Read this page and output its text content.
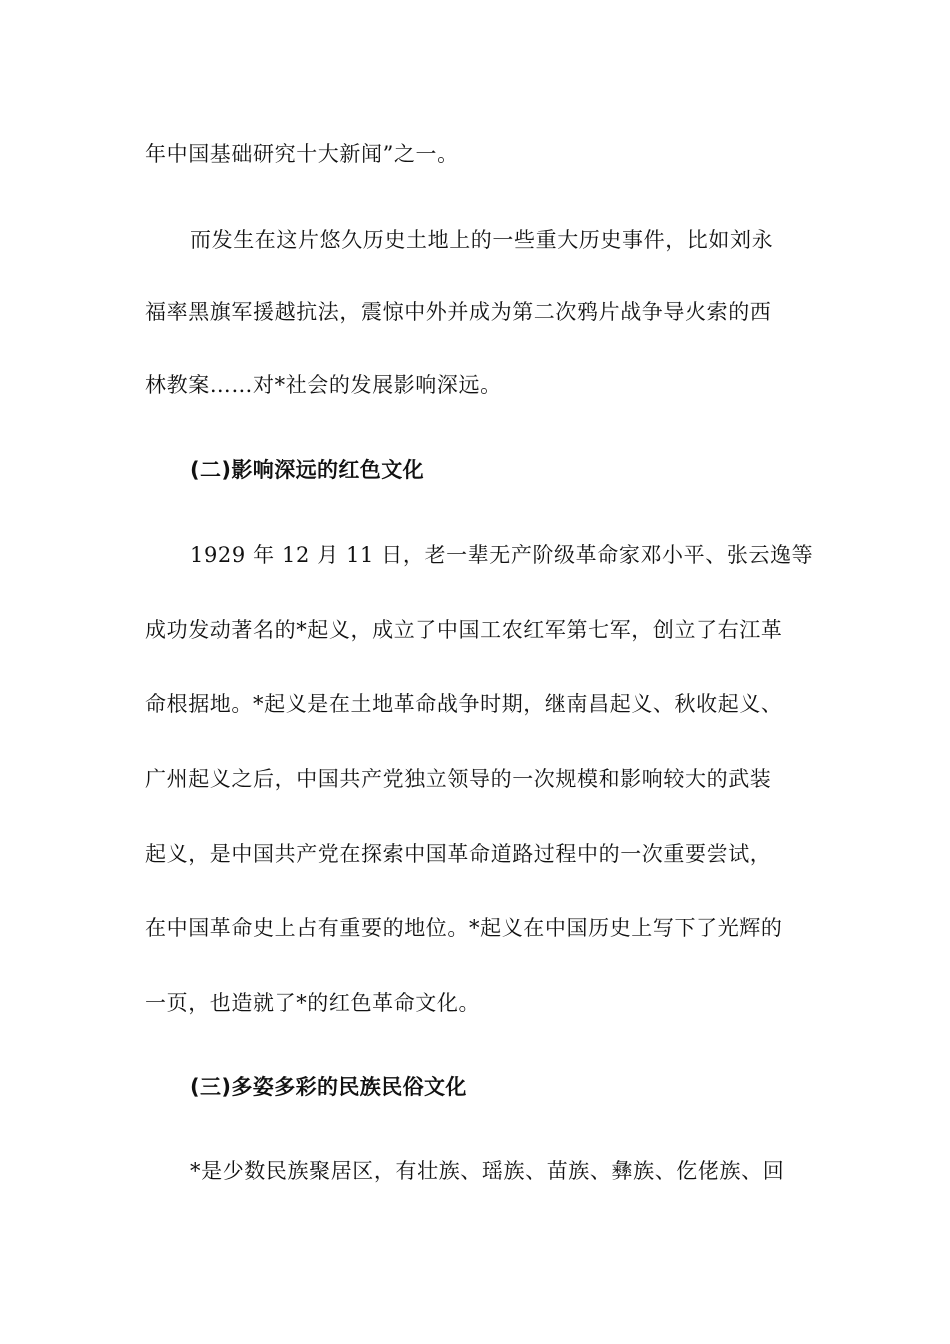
年中国基础研究十大新闻”之一。
而发生在这片悠久历史土地上的一些重大历史事件，比如刘永
福率黑旗军援越抗法，震惊中外并成为第二次鸦片战争导火索的西
林教案……对*社会的发展影响深远。
(二)影响深远的红色文化
1929 年 12 月 11 日，老一辈无产阶级革命家邓小平、张云逸等
成功发动著名的*起义，成立了中国工农红军第七军，创立了右江革
命根据地。*起义是在土地革命战争时期，继南昌起义、秋收起义、
广州起义之后，中国共产党独立领导的一次规模和影响较大的武装
起义，是中国共产党在探索中国革命道路过程中的一次重要尝试，
在中国革命史上占有重要的地位。*起义在中国历史上写下了光辉的
一页，也造就了*的红色革命文化。
(三)多姿多彩的民族民俗文化
*是少数民族聚居区，有壮族、瑶族、苗族、彝族、仡佬族、回
